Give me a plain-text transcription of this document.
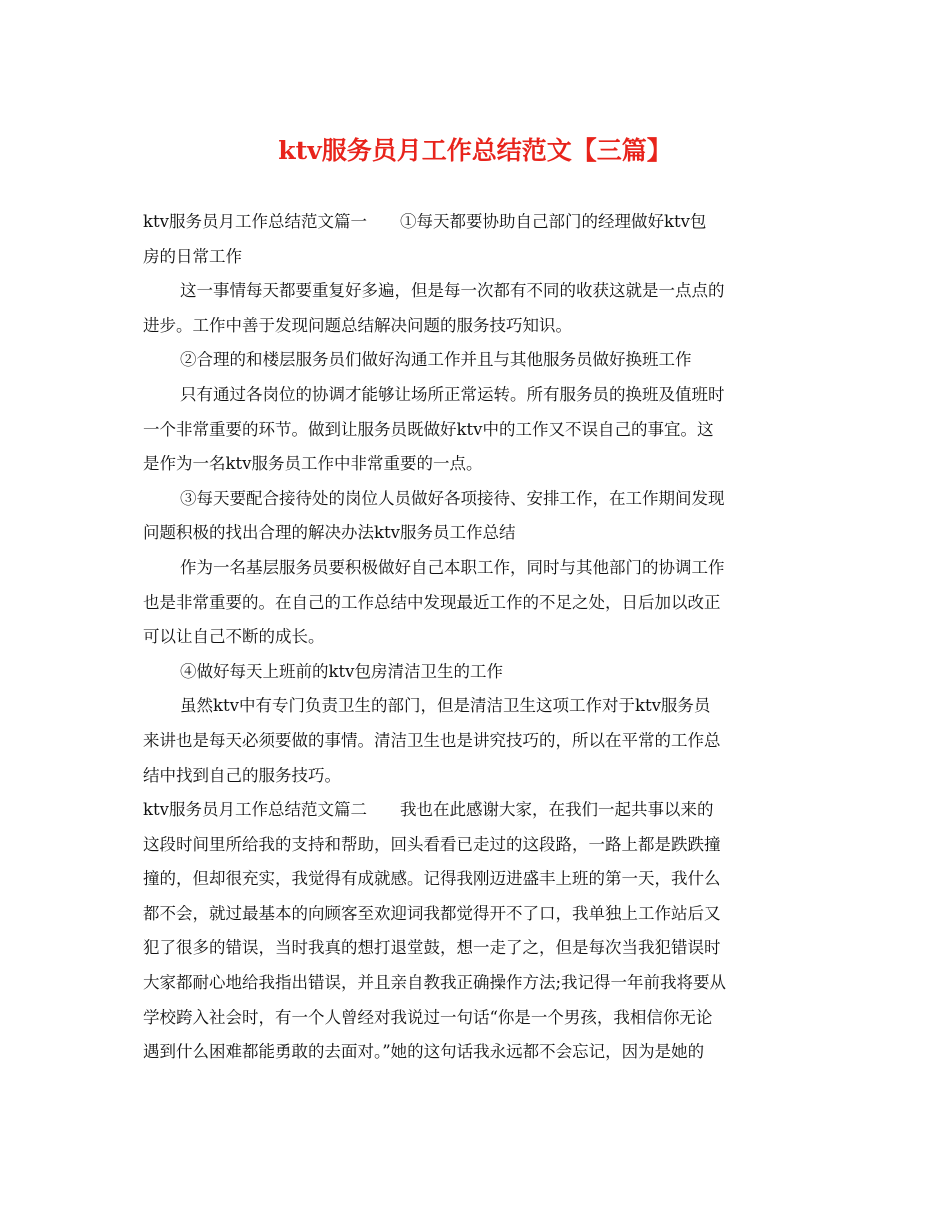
ktv服务员月工作总结范文【三篇】
ktv服务员月工作总结范文篇一　　①每天都要协助自己部门的经理做好ktv包
房的日常工作
这一事情每天都要重复好多遍，但是每一次都有不同的收获这就是一点点的
进步。工作中善于发现问题总结解决问题的服务技巧知识。
②合理的和楼层服务员们做好沟通工作并且与其他服务员做好换班工作
只有通过各岗位的协调才能够让场所正常运转。所有服务员的换班及值班时
一个非常重要的环节。做到让服务员既做好ktv中的工作又不误自己的事宜。这
是作为一名ktv服务员工作中非常重要的一点。
③每天要配合接待处的岗位人员做好各项接待、安排工作，在工作期间发现
问题积极的找出合理的解决办法ktv服务员工作总结
作为一名基层服务员要积极做好自己本职工作，同时与其他部门的协调工作
也是非常重要的。在自己的工作总结中发现最近工作的不足之处，日后加以改正
可以让自己不断的成长。
④做好每天上班前的ktv包房清洁卫生的工作
虽然ktv中有专门负责卫生的部门，但是清洁卫生这项工作对于ktv服务员
来讲也是每天必须要做的事情。清洁卫生也是讲究技巧的，所以在平常的工作总
结中找到自己的服务技巧。
ktv服务员月工作总结范文篇二　　我也在此感谢大家，在我们一起共事以来的
这段时间里所给我的支持和帮助，回头看看已走过的这段路，一路上都是跌跌撞
撞的，但却很充实，我觉得有成就感。记得我刚迈进盛丰上班的第一天，我什么
都不会，就过最基本的向顾客至欢迎词我都觉得开不了口，我单独上工作站后又
犯了很多的错误，当时我真的想打退堂鼓，想一走了之，但是每次当我犯错误时
大家都耐心地给我指出错误，并且亲自教我正确操作方法;我记得一年前我将要从
学校跨入社会时，有一个人曾经对我说过一句话“你是一个男孩，我相信你无论
遇到什么困难都能勇敢的去面对。”她的这句话我永远都不会忘记，因为是她的
